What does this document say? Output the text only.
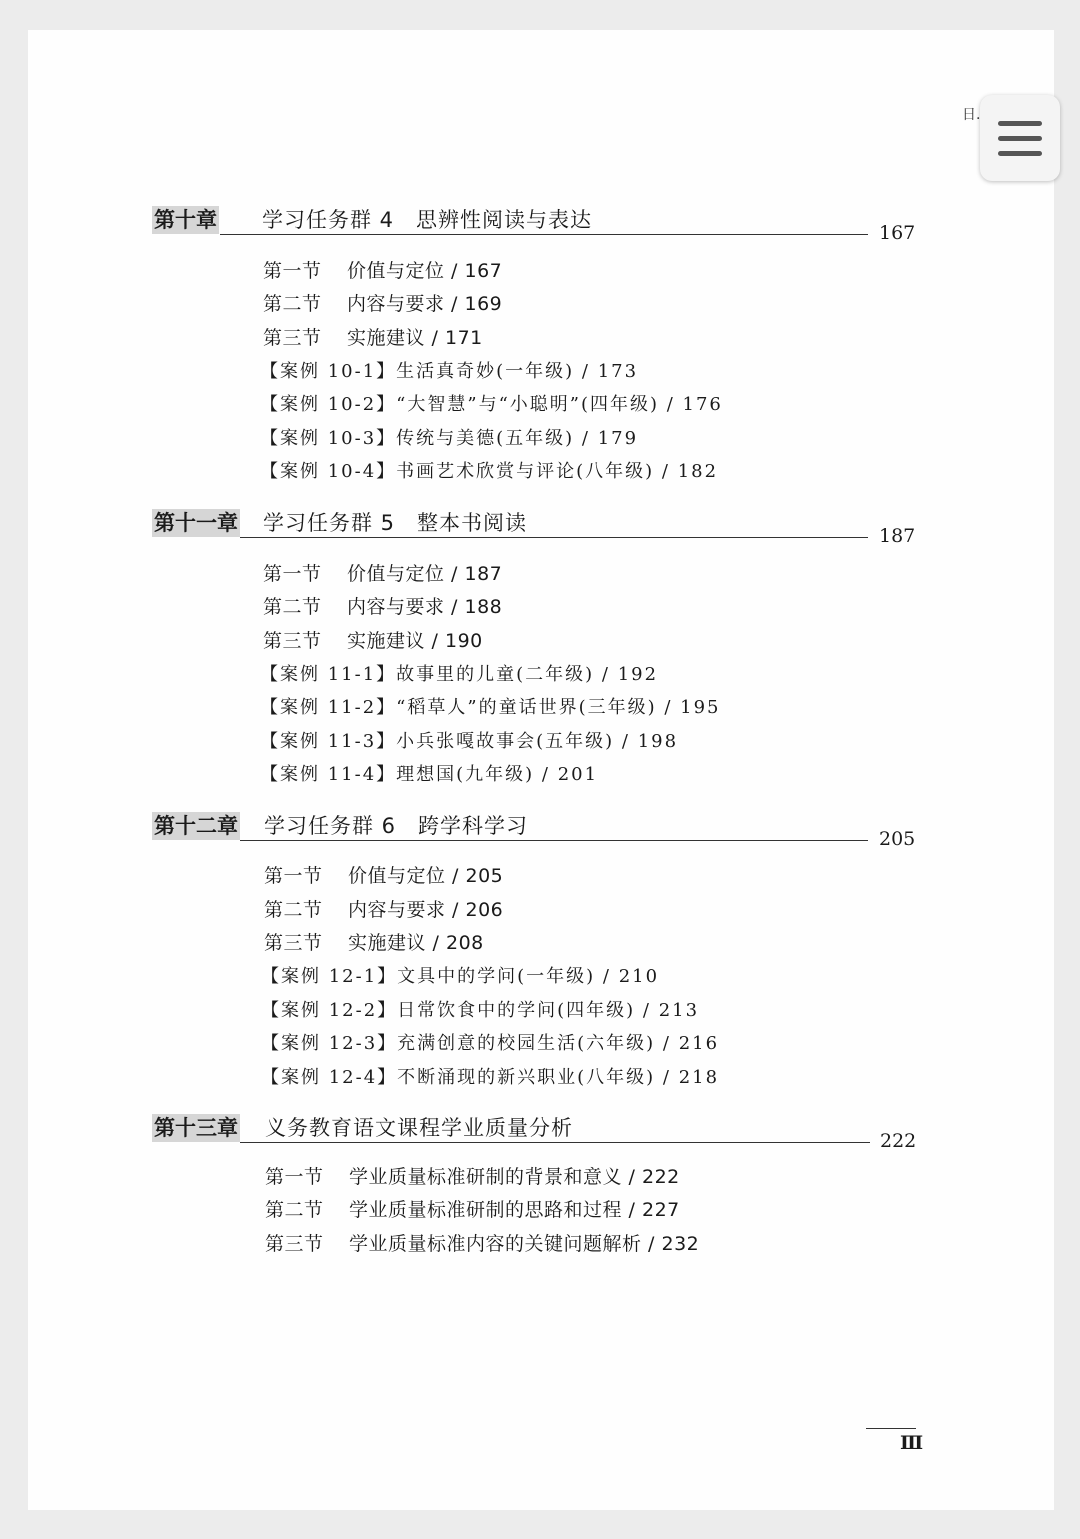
日.
第十章 学习任务群 4　思辨性阅读与表达
167
第一节 价值与定位 / 167
第二节 内容与要求 / 169
第三节 实施建议 / 171
【案例 10-1】生活真奇妙(一年级) / 173
【案例 10-2】“大智慧”与“小聪明”(四年级) / 176
【案例 10-3】传统与美德(五年级) / 179
【案例 10-4】书画艺术欣赏与评论(八年级) / 182
第十一章 学习任务群 5　整本书阅读
187
第一节 价值与定位 / 187
第二节 内容与要求 / 188
第三节 实施建议 / 190
【案例 11-1】故事里的儿童(二年级) / 192
【案例 11-2】“稻草人”的童话世界(三年级) / 195
【案例 11-3】小兵张嘎故事会(五年级) / 198
【案例 11-4】理想国(九年级) / 201
第十二章 学习任务群 6　跨学科学习
205
第一节 价值与定位 / 205
第二节 内容与要求 / 206
第三节 实施建议 / 208
【案例 12-1】文具中的学问(一年级) / 210
【案例 12-2】日常饮食中的学问(四年级) / 213
【案例 12-3】充满创意的校园生活(六年级) / 216
【案例 12-4】不断涌现的新兴职业(八年级) / 218
第十三章 义务教育语文课程学业质量分析
222
第一节 学业质量标准研制的背景和意义 / 222
第二节 学业质量标准研制的思路和过程 / 227
第三节 学业质量标准内容的关键问题解析 / 232
Ⅲ
